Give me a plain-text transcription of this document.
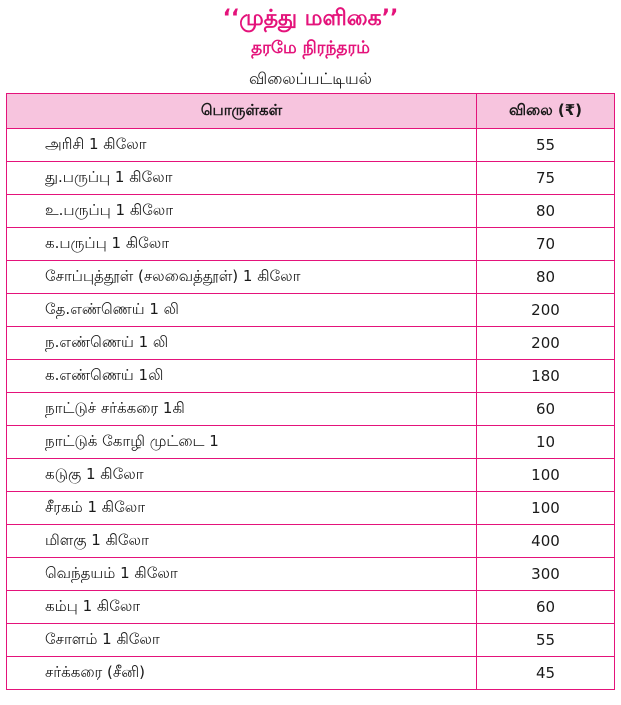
‘‘முத்து மளிகை’’
தரமே நிரந்தரம்
விலைப்பட்டியல்
பொருள்கள்	விலை (₹)
அரிசி 1 கிலோ	55
து.பருப்பு 1 கிலோ	75
உ.பருப்பு 1 கிலோ	80
க.பருப்பு 1 கிலோ	70
சோப்புத்தூள் (சலவைத்தூள்) 1 கிலோ	80
தே.எண்ணெய் 1 லி	200
ந.எண்ணெய் 1 லி	200
க.எண்ணெய் 1லி	180
நாட்டுச் சர்க்கரை 1கி	60
நாட்டுக் கோழி முட்டை 1	10
கடுகு 1 கிலோ	100
சீரகம் 1 கிலோ	100
மிளகு 1 கிலோ	400
வெந்தயம் 1 கிலோ	300
கம்பு 1 கிலோ	60
சோளம் 1 கிலோ	55
சர்க்கரை (சீனி)	45
